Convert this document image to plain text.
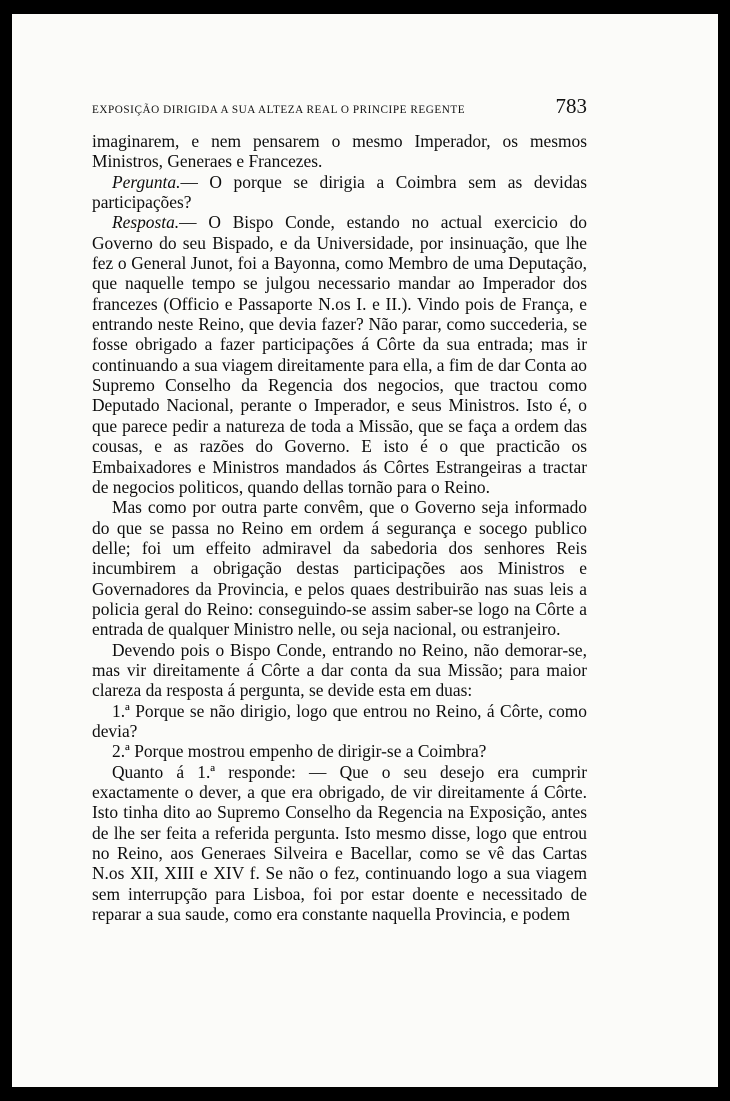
EXPOSIÇÃO DIRIGIDA A SUA ALTEZA REAL O PRINCIPE REGENTE	783

imaginarem, e nem pensarem o mesmo Imperador, os mesmos Ministros, Generaes e Francezes.

Pergunta.— O porque se dirigia a Coimbra sem as devidas participações?

Resposta.— O Bispo Conde, estando no actual exercicio do Governo do seu Bispado, e da Universidade, por insinuação, que lhe fez o General Junot, foi a Bayonna, como Membro de uma Deputação, que naquelle tempo se julgou necessario mandar ao Imperador dos francezes (Officio e Passaporte N.os I. e II.). Vindo pois de França, e entrando neste Reino, que devia fazer? Não parar, como succederia, se fosse obrigado a fazer participações á Côrte da sua entrada; mas ir continuando a sua viagem direitamente para ella, a fim de dar Conta ao Supremo Conselho da Regencia dos negocios, que tractou como Deputado Nacional, perante o Imperador, e seus Ministros. Isto é, o que parece pedir a natureza de toda a Missão, que se faça a ordem das cousas, e as razões do Governo. E isto é o que practicão os Embaixadores e Ministros mandados ás Côrtes Estrangeiras a tractar de negocios politicos, quando dellas tornão para o Reino.

Mas como por outra parte convêm, que o Governo seja informado do que se passa no Reino em ordem á segurança e socego publico delle; foi um effeito admiravel da sabedoria dos senhores Reis incumbirem a obrigação destas participações aos Ministros e Governadores da Provincia, e pelos quaes destribuirão nas suas leis a policia geral do Reino: conseguindo-se assim saber-se logo na Côrte a entrada de qualquer Ministro nelle, ou seja nacional, ou estranjeiro.

Devendo pois o Bispo Conde, entrando no Reino, não demorar-se, mas vir direitamente á Côrte a dar conta da sua Missão; para maior clareza da resposta á pergunta, se devide esta em duas:

1.ª Porque se não dirigio, logo que entrou no Reino, á Côrte, como devia?

2.ª Porque mostrou empenho de dirigir-se a Coimbra?

Quanto á 1.ª responde: — Que o seu desejo era cumprir exactamente o dever, a que era obrigado, de vir direitamente á Côrte. Isto tinha dito ao Supremo Conselho da Regencia na Exposição, antes de lhe ser feita a referida pergunta. Isto mesmo disse, logo que entrou no Reino, aos Generaes Silveira e Bacellar, como se vê das Cartas N.os XII, XIII e XIV f. Se não o fez, continuando logo a sua viagem sem interrupção para Lisboa, foi por estar doente e necessitado de reparar a sua saude, como era constante naquella Provincia, e podem
